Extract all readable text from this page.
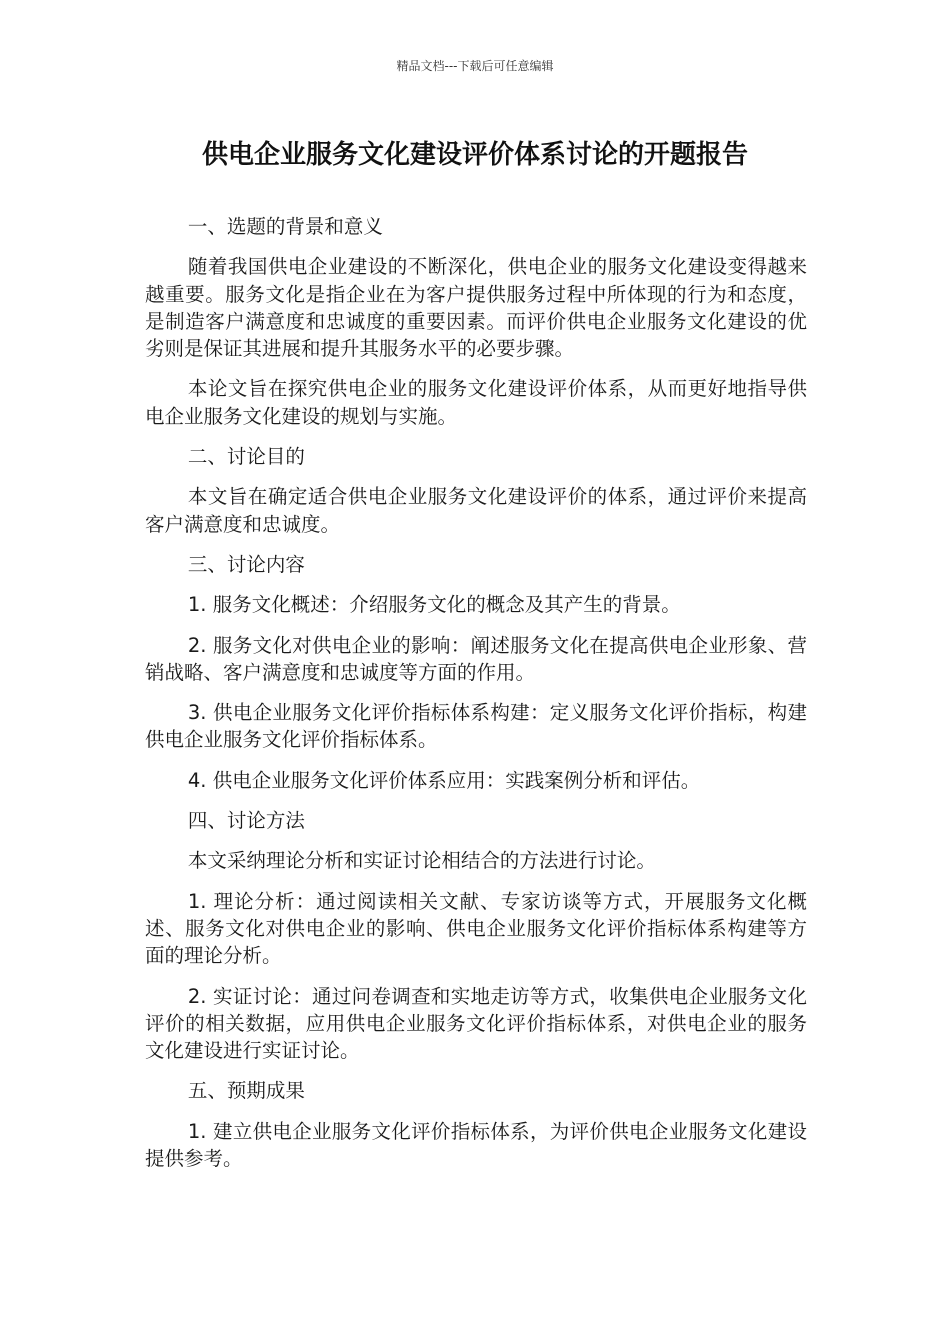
精品文档---下载后可任意编辑
供电企业服务文化建设评价体系讨论的开题报告

一、选题的背景和意义

随着我国供电企业建设的不断深化，供电企业的服务文化建设变得越来越重要。服务文化是指企业在为客户提供服务过程中所体现的行为和态度，是制造客户满意度和忠诚度的重要因素。而评价供电企业服务文化建设的优劣则是保证其进展和提升其服务水平的必要步骤。

本论文旨在探究供电企业的服务文化建设评价体系，从而更好地指导供电企业服务文化建设的规划与实施。

二、讨论目的

本文旨在确定适合供电企业服务文化建设评价的体系，通过评价来提高客户满意度和忠诚度。

三、讨论内容

1. 服务文化概述：介绍服务文化的概念及其产生的背景。

2. 服务文化对供电企业的影响：阐述服务文化在提高供电企业形象、营销战略、客户满意度和忠诚度等方面的作用。

3. 供电企业服务文化评价指标体系构建：定义服务文化评价指标，构建供电企业服务文化评价指标体系。

4. 供电企业服务文化评价体系应用：实践案例分析和评估。

四、讨论方法

本文采纳理论分析和实证讨论相结合的方法进行讨论。

1. 理论分析：通过阅读相关文献、专家访谈等方式，开展服务文化概述、服务文化对供电企业的影响、供电企业服务文化评价指标体系构建等方面的理论分析。

2. 实证讨论：通过问卷调查和实地走访等方式，收集供电企业服务文化评价的相关数据，应用供电企业服务文化评价指标体系，对供电企业的服务文化建设进行实证讨论。

五、预期成果

1. 建立供电企业服务文化评价指标体系，为评价供电企业服务文化建设提供参考。
